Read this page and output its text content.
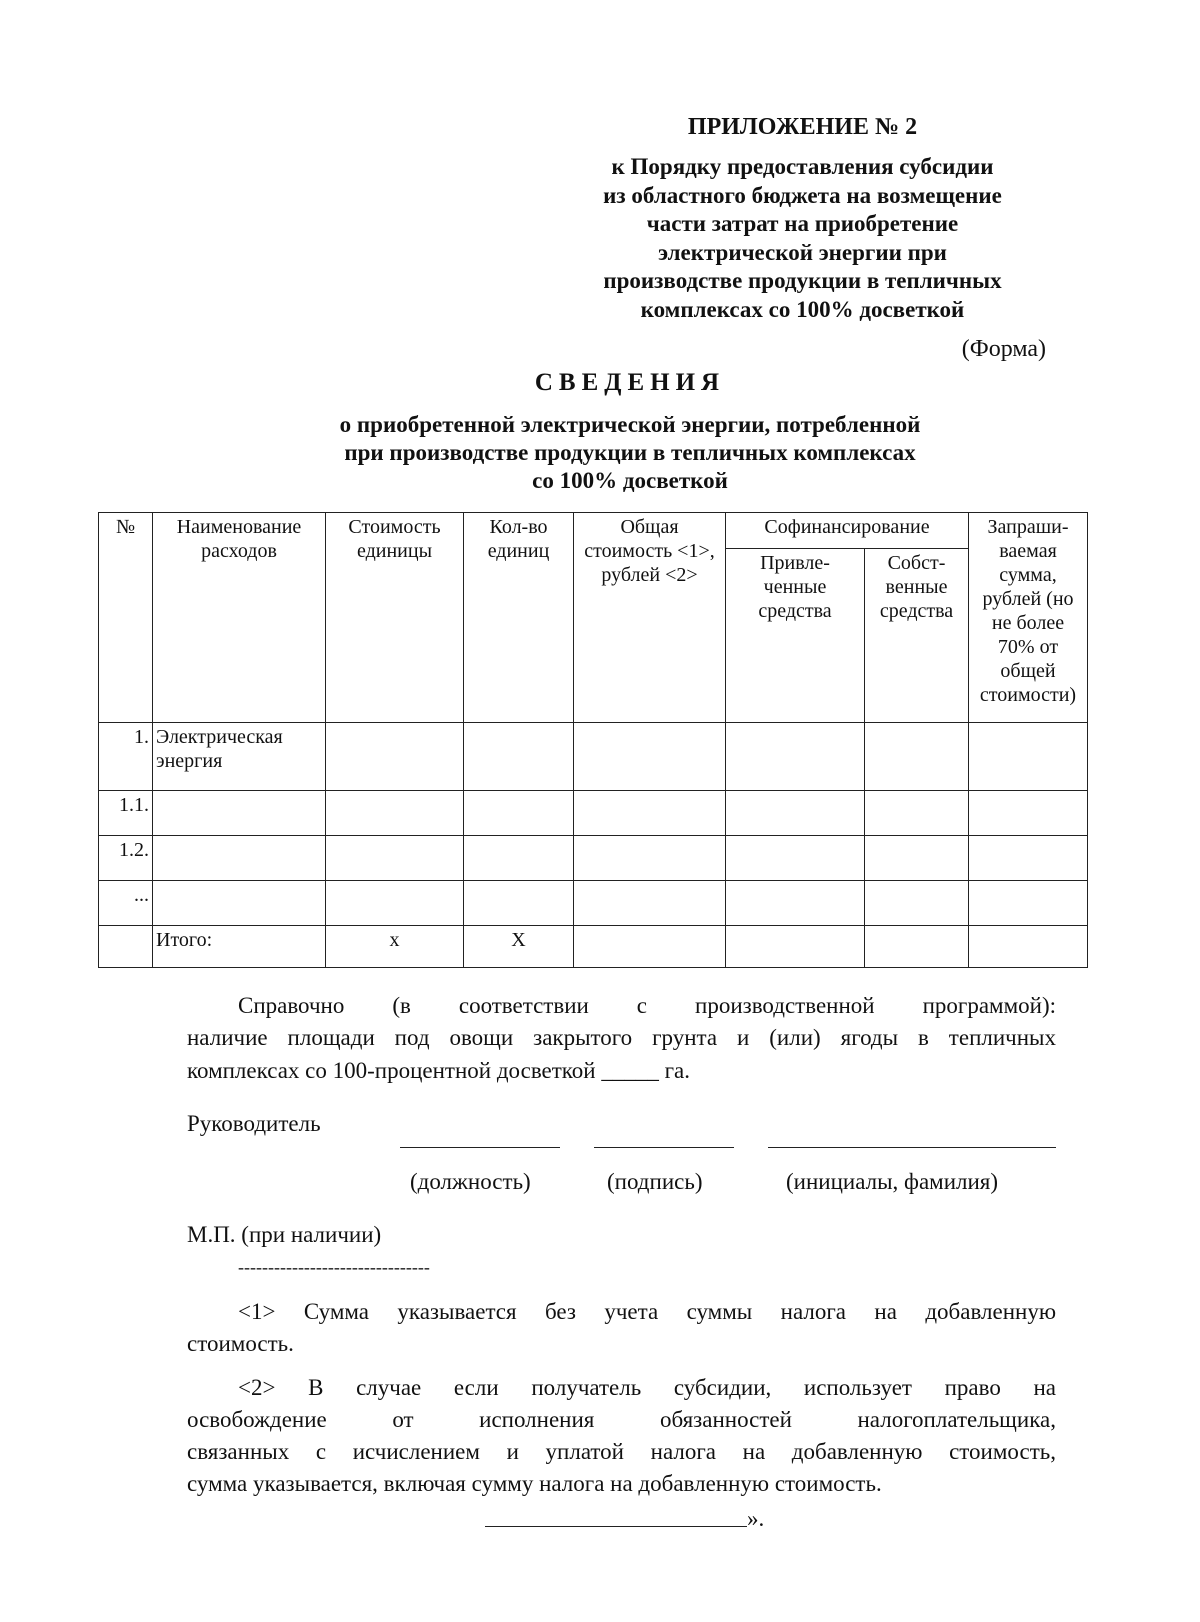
ПРИЛОЖЕНИЕ № 2
к Порядку предоставления субсидии
из областного бюджета на возмещение
части затрат на приобретение
электрической энергии при
производстве продукции в тепличных
комплексах со 100% досветкой
(Форма)
СВЕДЕНИЯ
о приобретенной электрической энергии, потребленной
при производстве продукции в тепличных комплексах
со 100% досветкой
№	Наименование расходов	Стоимость единицы	Кол-во единиц	Общая стоимость <1>, рублей <2>	Софинансирование		Запраши-ваемая сумма, рублей (но не более 70% от общей стоимости)
					Привле-ченные средства	Собст-венные средства	
1.	Электрическая энергия						
1.1.							
1.2.							
...							
	Итого:	x	X				
Справочно (в соответствии с производственной программой):
наличие площади под овощи закрытого грунта и (или) ягоды в тепличных
комплексах со 100-процентной досветкой _____ га.
Руководитель
(должность)	(подпись)	(инициалы, фамилия)
М.П. (при наличии)
--------------------------------
<1> Сумма указывается без учета суммы налога на добавленную
стоимость.
<2> В случае если получатель субсидии, использует право на
освобождение от исполнения обязанностей налогоплательщика,
связанных с исчислением и уплатой налога на добавленную стоимость,
сумма указывается, включая сумму налога на добавленную стоимость.
».
